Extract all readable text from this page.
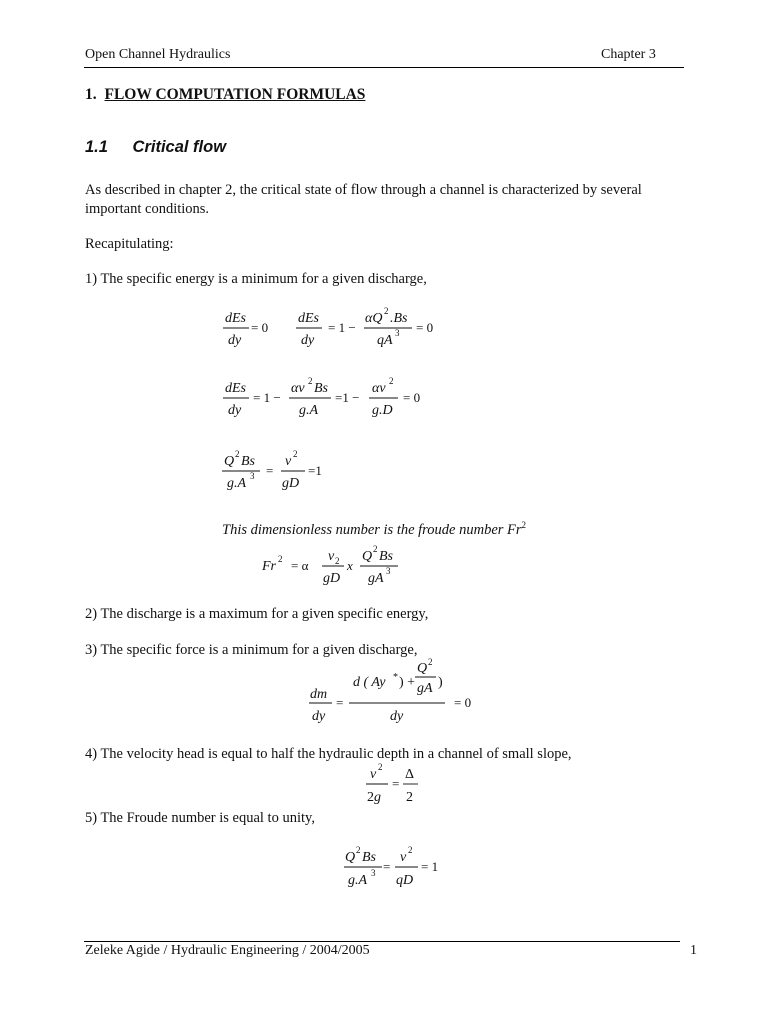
Open Channel Hydraulics	Chapter 3
1. FLOW COMPUTATION FORMULAS
1.1 Critical flow
As described in chapter 2, the critical state of flow through a channel is characterized by several important conditions.
Recapitulating:
1) The specific energy is a minimum for a given discharge,
dEs
dy
= 0
dEs
dy
= 1 −
αQ 2 .Bs
qA 3 = 0
dEs
dy
= 1 −
αv 2 Bs
g.A
=1 −
αv 2
g.D
= 0
Q 2 Bs
g.A 3 =
v 2
gD
=1
This dimensionless number is the froude number Fr$^2$
Fr 2 = α
v 2
gD
x
Q 2 Bs
gA 3
2) The discharge is a maximum for a given specific energy,
3) The specific force is a minimum for a given discharge,
dm
dy
=
d ( Ay * ) +
Q 2
gA )
dy
= 0
4) The velocity head is equal to half the hydraulic depth in a channel of small slope,
v 2
2g
=
Δ
2
5) The Froude number is equal to unity,
Q 2 Bs
g.A 3 =
v 2
qD
= 1
Zeleke Agide / Hydraulic Engineering / 2004/2005	1
